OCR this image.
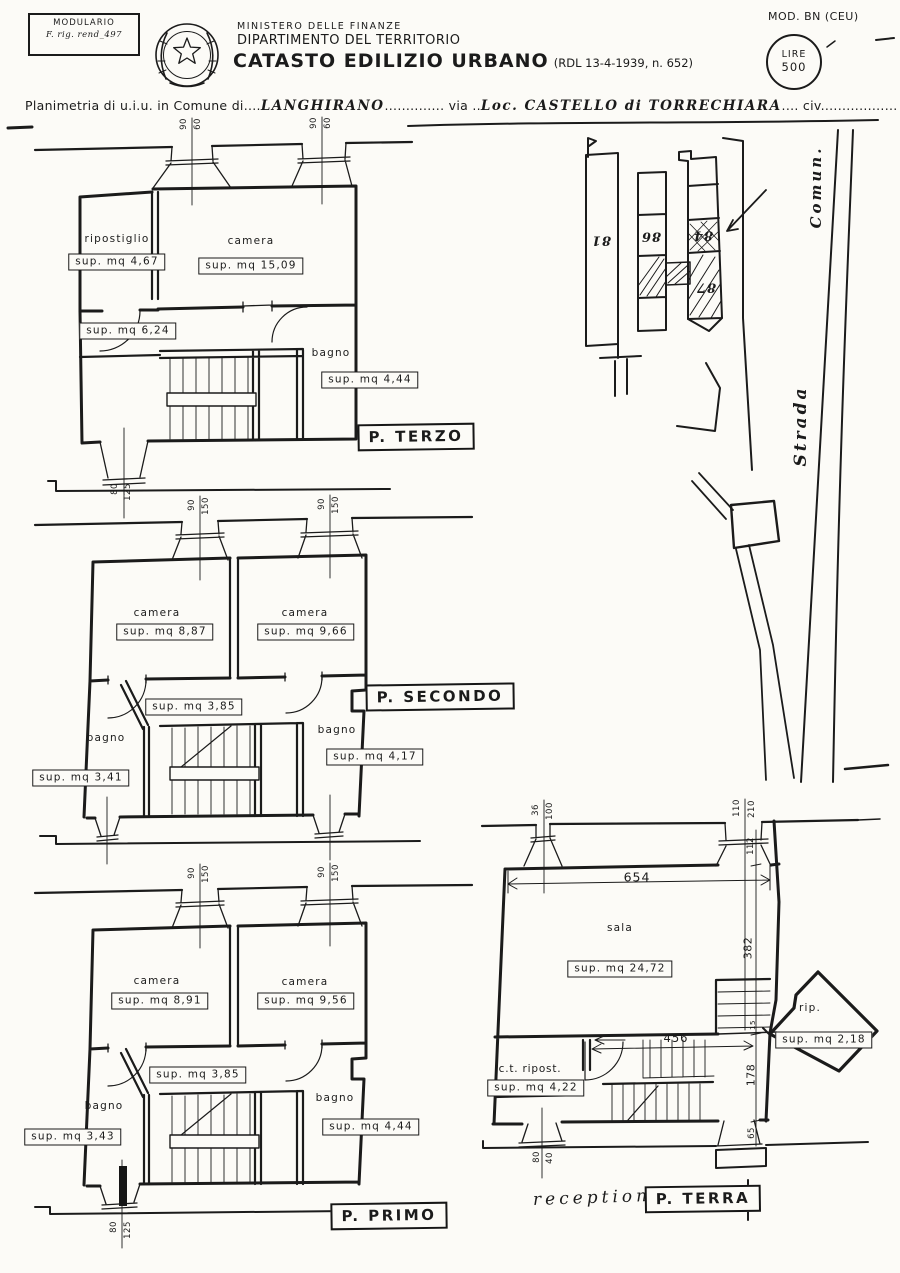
MODULARIO
F. rig. rend_497
MINISTERO DELLE FINANZE
DIPARTIMENTO DEL TERRITORIO
CATASTO EDILIZIO URBANO (RDL 13-4-1939, n. 652)
MOD. BN (CEU)
LIRE
500
Planimetria di u.i.u. in Comune di....LANGHIRANO.............. via ..Loc. CASTELLO di TORRECHIARA.... civ..................
ripostiglio
sup. mq 4,67
camera
sup. mq 15,09
sup. mq 6,24
bagno
sup. mq 4,44
P. TERZO
90 60	90 60
80 125
camera
sup. mq 8,87
camera
sup. mq 9,66
sup. mq 3,85
bagno
sup. mq 3,41
bagno
sup. mq 4,17
P. SECONDO
90 150	90 150
camera
sup. mq 8,91
camera
sup. mq 9,56
sup. mq 3,85
bagno
sup. mq 3,43
bagno
sup. mq 4,44
P. PRIMO
90 150	90 150
80 125
sala
sup. mq 24,72
c.t. ripost.
sup. mq 4,22
rip.
sup. mq 2,18
P. TERRA
reception
654
456
382
112
178
65
15
36 100	110 210
80 40
81 86 84
87
Comun.
Strada
